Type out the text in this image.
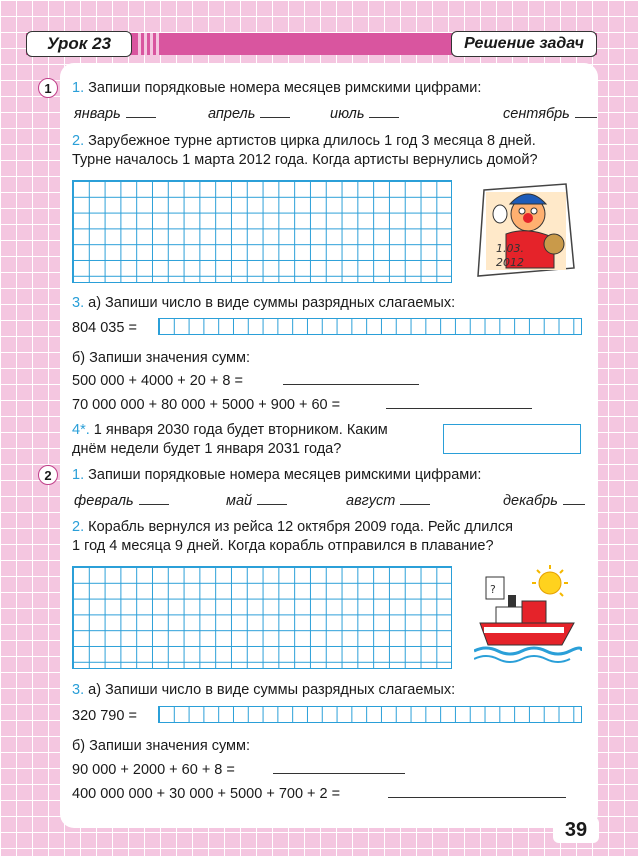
Урок 23	Решение задач
1	1. Запиши порядковые номера месяцев римскими цифрами:
январь	апрель	июль	сентябрь
2. Зарубежное турне артистов цирка длилось 1 год 3 месяца 8 дней.
Турне началось 1 марта 2012 года. Когда артисты вернулись домой?
1.03.
2012
3. а) Запиши число в виде суммы разрядных слагаемых:
804 035 =
б) Запиши значения сумм:
500 000 + 4000 + 20 + 8 =
70 000 000 + 80 000 + 5000 + 900 + 60 =
4*. 1 января 2030 года будет вторником. Каким
днём недели будет 1 января 2031 года?
2	1. Запиши порядковые номера месяцев римскими цифрами:
февраль	май	август	декабрь
2. Корабль вернулся из рейса 12 октября 2009 года. Рейс длился
1 год 4 месяца 9 дней. Когда корабль отправился в плавание?
?
3. а) Запиши число в виде суммы разрядных слагаемых:
320 790 =
б) Запиши значения сумм:
90 000 + 2000 + 60 + 8 =
400 000 000 + 30 000 + 5000 + 700 + 2 =
39
